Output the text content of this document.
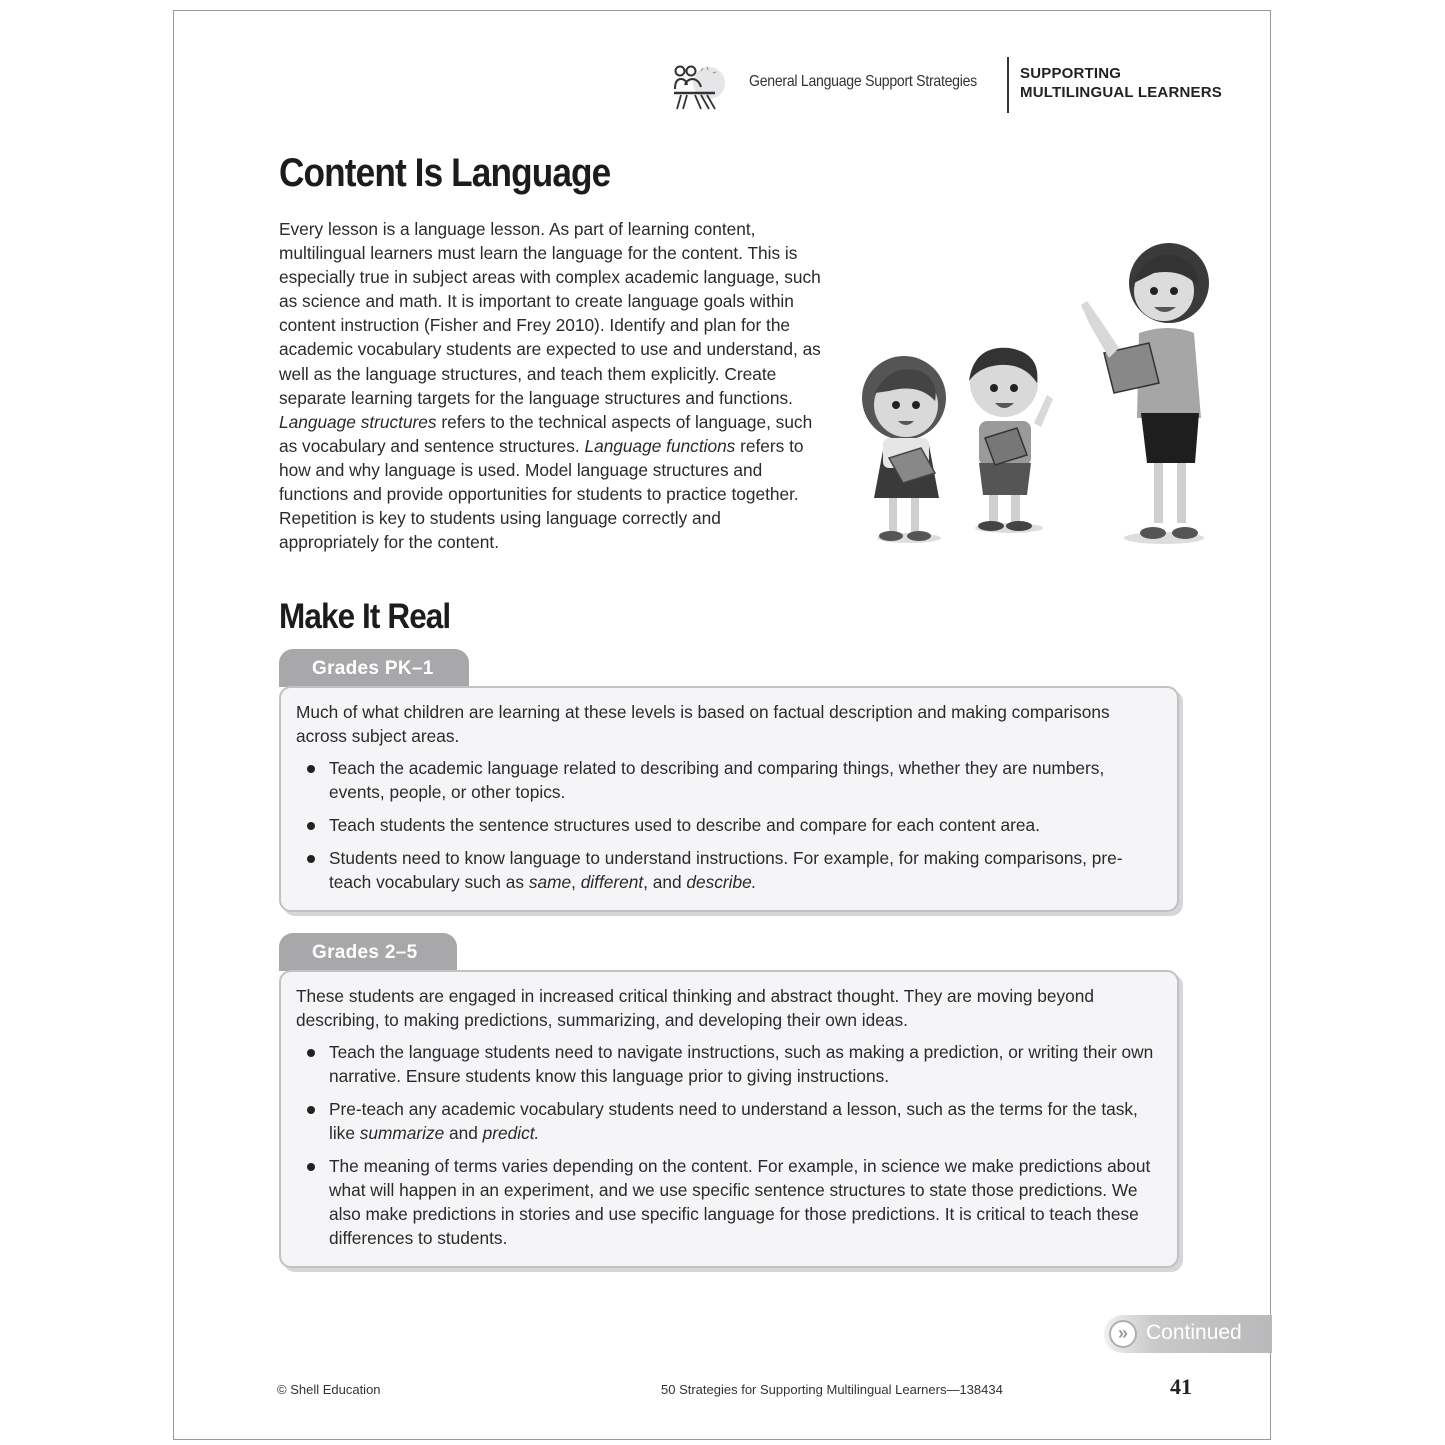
General Language Support Strategies	SUPPORTING
MULTILINGUAL LEARNERS
Content Is Language

Every lesson is a language lesson. As part of learning content, multilingual learners must learn the language for the content. This is especially true in subject areas with complex academic language, such as science and math. It is important to create language goals within content instruction (Fisher and Frey 2010). Identify and plan for the academic vocabulary students are expected to use and understand, as well as the language structures, and teach them explicitly. Create separate learning targets for the language structures and functions. Language structures refers to the technical aspects of language, such as vocabulary and sentence structures. Language functions refers to how and why language is used. Model language structures and functions and provide opportunities for students to practice together. Repetition is key to students using language correctly and appropriately for the content.

Make It Real
Grades PK–1

Much of what children are learning at these levels is based on factual description and making comparisons across subject areas.

Teach the academic language related to describing and comparing things, whether they are numbers, events, people, or other topics.
Teach students the sentence structures used to describe and compare for each content area.
Students need to know language to understand instructions. For example, for making comparisons, pre-teach vocabulary such as same, different, and describe.
Grades 2–5

These students are engaged in increased critical thinking and abstract thought. They are moving beyond describing, to making predictions, summarizing, and developing their own ideas.

Teach the language students need to navigate instructions, such as making a prediction, or writing their own narrative. Ensure students know this language prior to giving instructions.
Pre-teach any academic vocabulary students need to understand a lesson, such as the terms for the task, like summarize and predict.
The meaning of terms varies depending on the content. For example, in science we make predictions about what will happen in an experiment, and we use specific sentence structures to state those predictions. We also make predictions in stories and use specific language for those predictions. It is critical to teach these differences to students.
» Continued
© Shell Education	50 Strategies for Supporting Multilingual Learners—138434	41
